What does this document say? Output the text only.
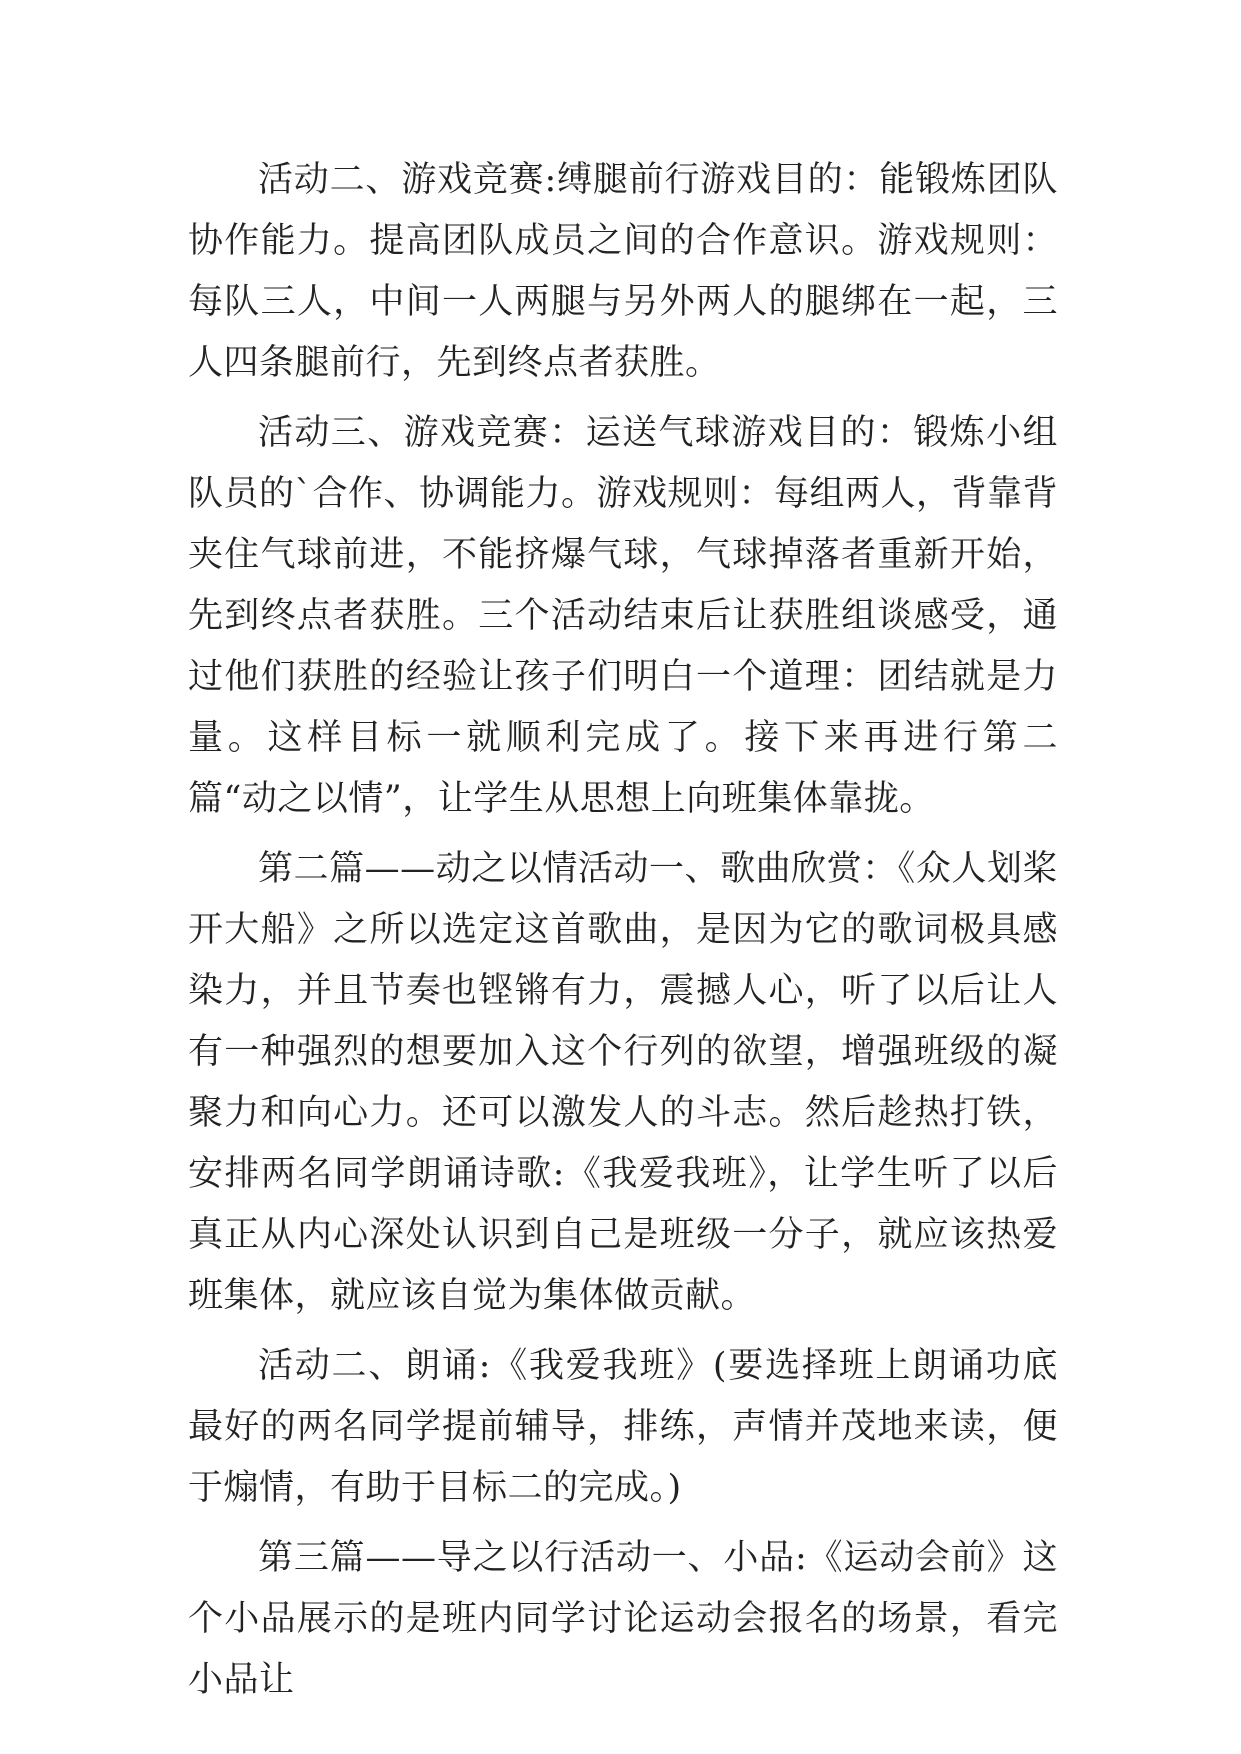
活动二、游戏竞赛:缚腿前行游戏目的：能锻炼团队协作能力。提高团队成员之间的合作意识。游戏规则：每队三人，中间一人两腿与另外两人的腿绑在一起，三人四条腿前行，先到终点者获胜。

活动三、游戏竞赛：运送气球游戏目的：锻炼小组队员的`合作、协调能力。游戏规则：每组两人，背靠背夹住气球前进，不能挤爆气球，气球掉落者重新开始，先到终点者获胜。三个活动结束后让获胜组谈感受，通过他们获胜的经验让孩子们明白一个道理：团结就是力量。这样目标一就顺利完成了。接下来再进行第二篇“动之以情”，让学生从思想上向班集体靠拢。

第二篇——动之以情活动一、歌曲欣赏：《众人划桨开大船》之所以选定这首歌曲，是因为它的歌词极具感染力，并且节奏也铿锵有力，震撼人心，听了以后让人有一种强烈的想要加入这个行列的欲望，增强班级的凝聚力和向心力。还可以激发人的斗志。然后趁热打铁，安排两名同学朗诵诗歌:《我爱我班》，让学生听了以后真正从内心深处认识到自己是班级一分子，就应该热爱班集体，就应该自觉为集体做贡献。

活动二、朗诵:《我爱我班》(要选择班上朗诵功底最好的两名同学提前辅导，排练，声情并茂地来读，便于煽情，有助于目标二的完成。)

第三篇——导之以行活动一、小品:《运动会前》这个小品展示的是班内同学讨论运动会报名的场景，看完小品让
